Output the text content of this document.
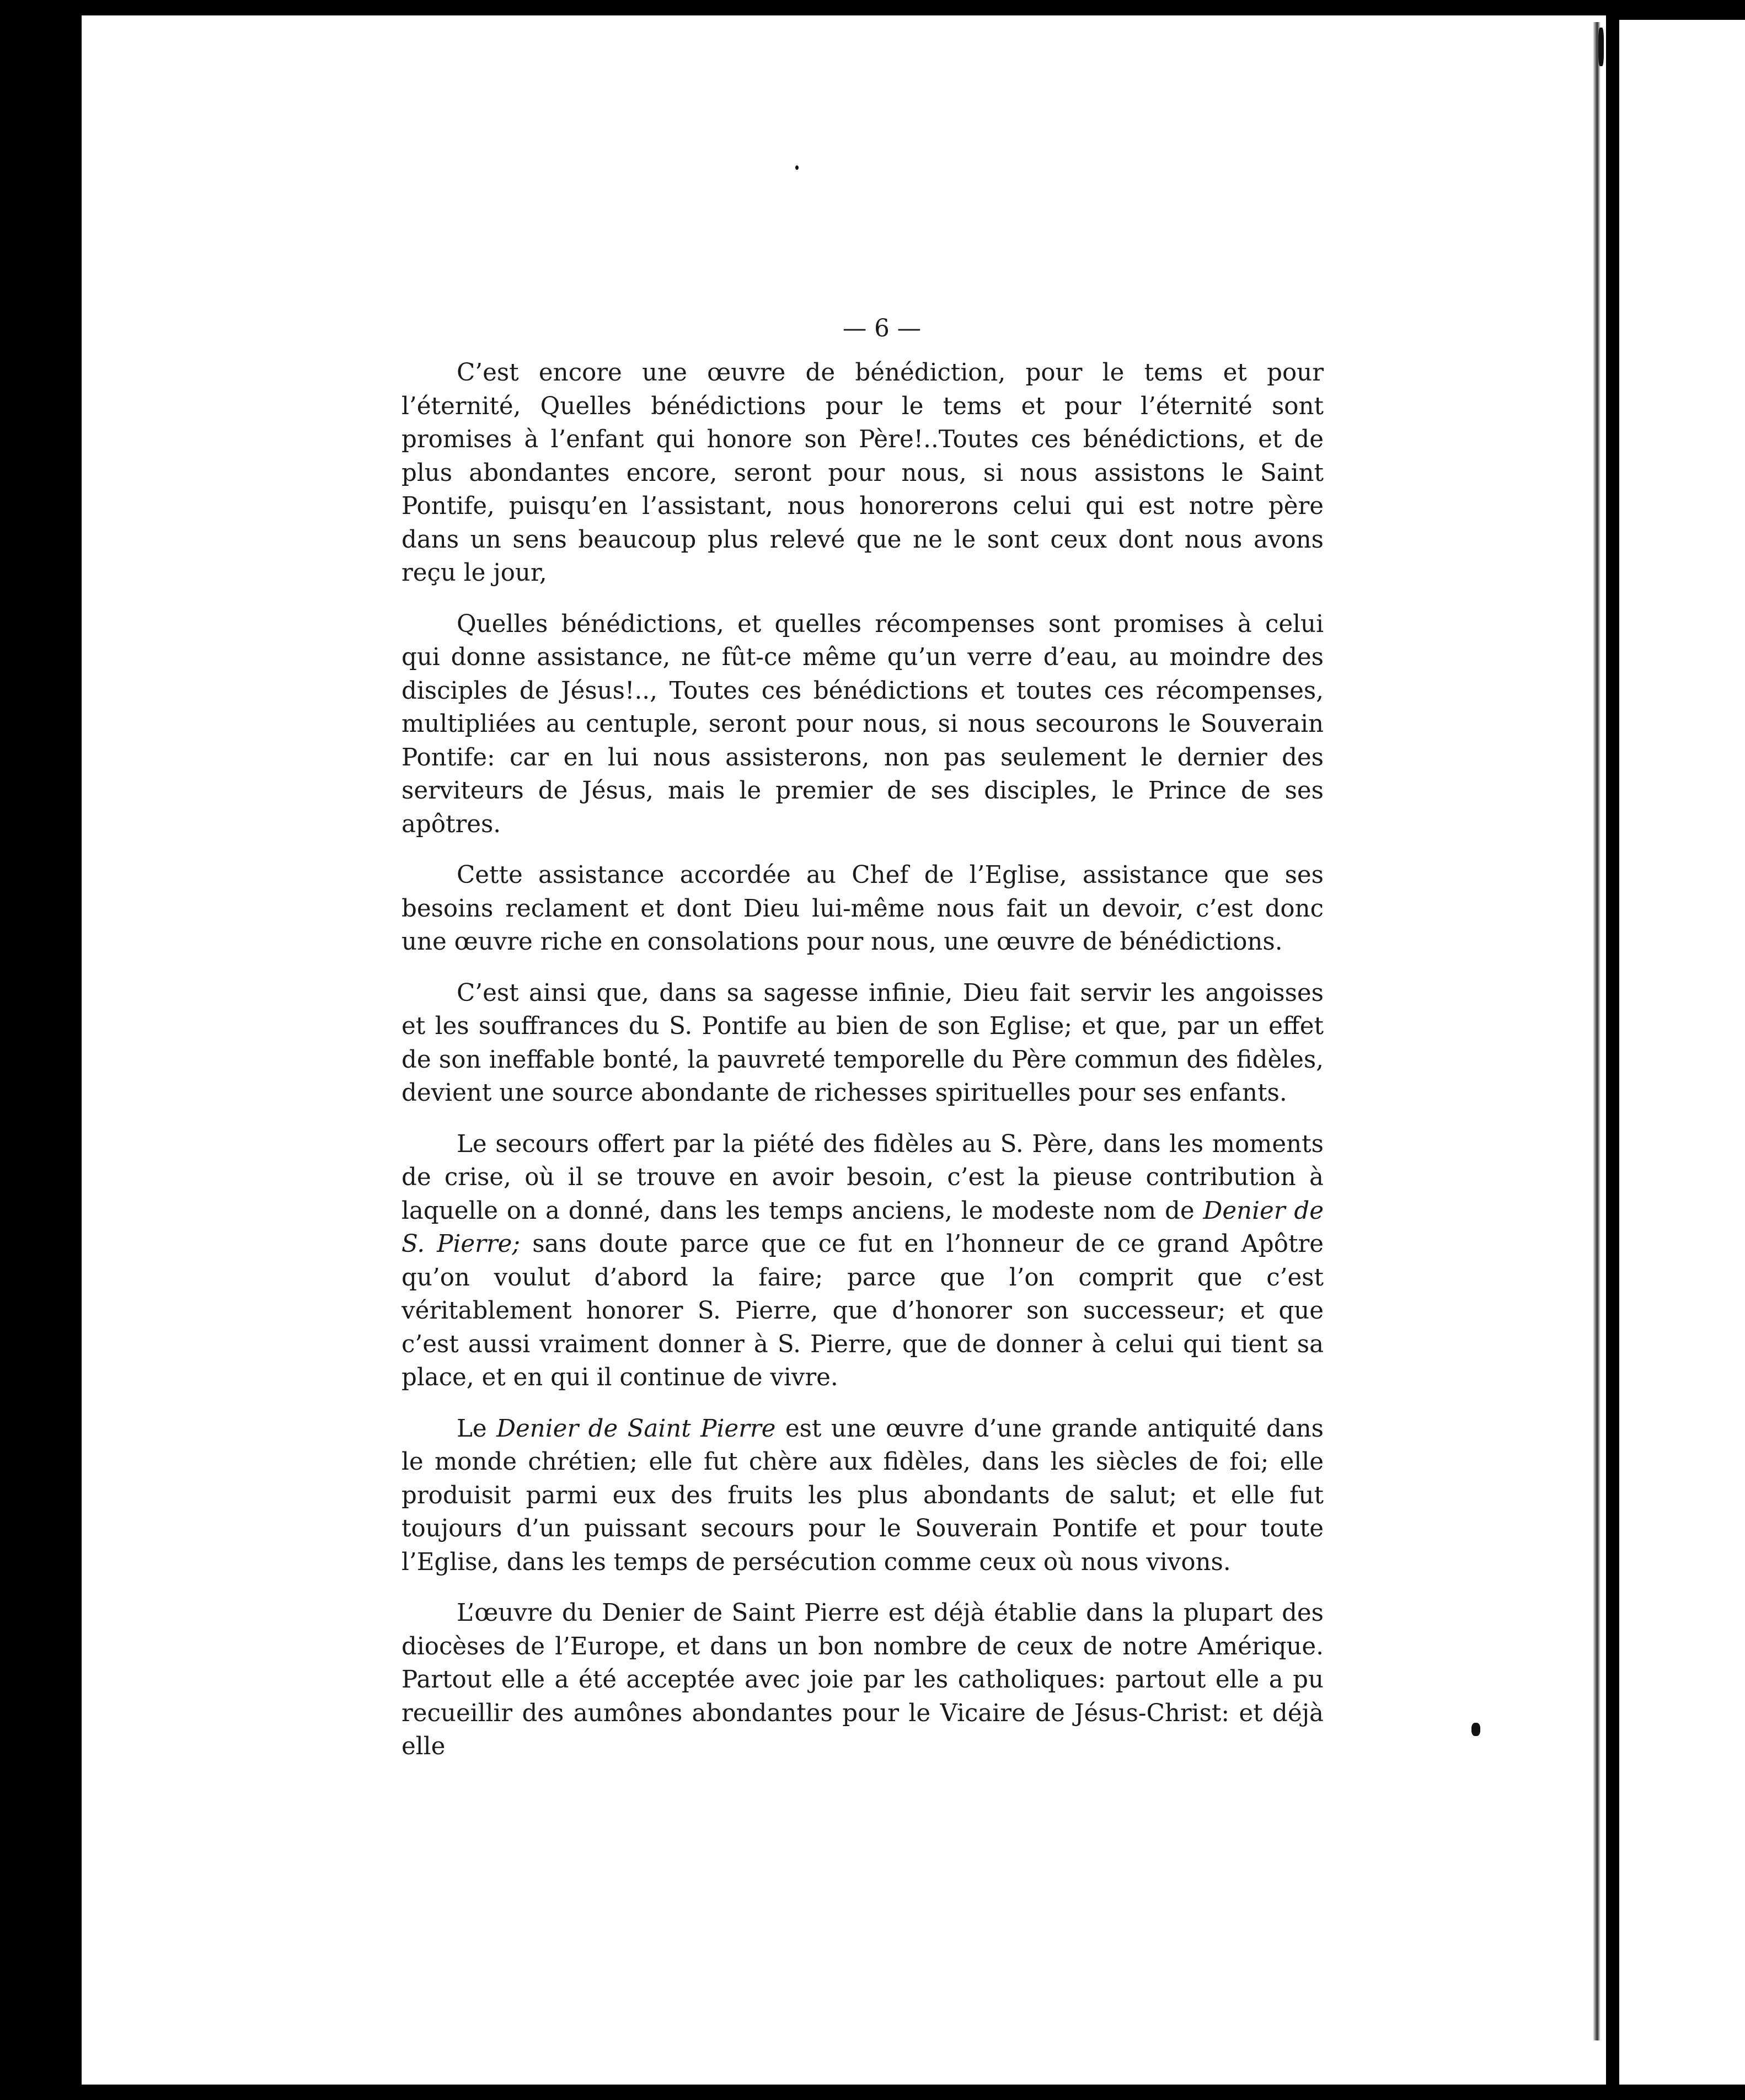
— 6 —

C’est encore une œuvre de bénédiction, pour le tems et pour l’éternité, Quelles bénédictions pour le tems et pour l’éternité sont promises à l’enfant qui honore son Père!..Toutes ces bénédictions, et de plus abondantes encore, seront pour nous, si nous assistons le Saint Pontife, puisqu’en l’assistant, nous honorerons celui qui est notre père dans un sens beaucoup plus relevé que ne le sont ceux dont nous avons reçu le jour,

Quelles bénédictions, et quelles récompenses sont promises à celui qui donne assistance, ne fût-ce même qu’un verre d’eau, au moindre des disciples de Jésus!.., Toutes ces bénédictions et toutes ces récompenses, multipliées au centuple, seront pour nous, si nous secourons le Souverain Pontife: car en lui nous assisterons, non pas seulement le dernier des serviteurs de Jésus, mais le premier de ses disciples, le Prince de ses apôtres.

Cette assistance accordée au Chef de l’Eglise, assistance que ses besoins reclament et dont Dieu lui-même nous fait un devoir, c’est donc une œuvre riche en consolations pour nous, une œuvre de bénédictions.

C’est ainsi que, dans sa sagesse infinie, Dieu fait servir les angoisses et les souffrances du S. Pontife au bien de son Eglise; et que, par un effet de son ineffable bonté, la pauvreté temporelle du Père commun des fidèles, devient une source abondante de richesses spirituelles pour ses enfants.

Le secours offert par la piété des fidèles au S. Père, dans les moments de crise, où il se trouve en avoir besoin, c’est la pieuse contribution à laquelle on a donné, dans les temps anciens, le modeste nom de Denier de S. Pierre; sans doute parce que ce fut en l’honneur de ce grand Apôtre qu’on voulut d’abord la faire; parce que l’on comprit que c’est véritablement honorer S. Pierre, que d’honorer son successeur; et que c’est aussi vraiment donner à S. Pierre, que de donner à celui qui tient sa place, et en qui il continue de vivre.

Le Denier de Saint Pierre est une œuvre d’une grande antiquité dans le monde chrétien; elle fut chère aux fidèles, dans les siècles de foi; elle produisit parmi eux des fruits les plus abondants de salut; et elle fut toujours d’un puissant secours pour le Souverain Pontife et pour toute l’Eglise, dans les temps de persécution comme ceux où nous vivons.

L’œuvre du Denier de Saint Pierre est déjà établie dans la plupart des diocèses de l’Europe, et dans un bon nombre de ceux de notre Amérique. Partout elle a été acceptée avec joie par les catholiques: partout elle a pu recueillir des aumônes abondantes pour le Vicaire de Jésus-Christ: et déjà elle
